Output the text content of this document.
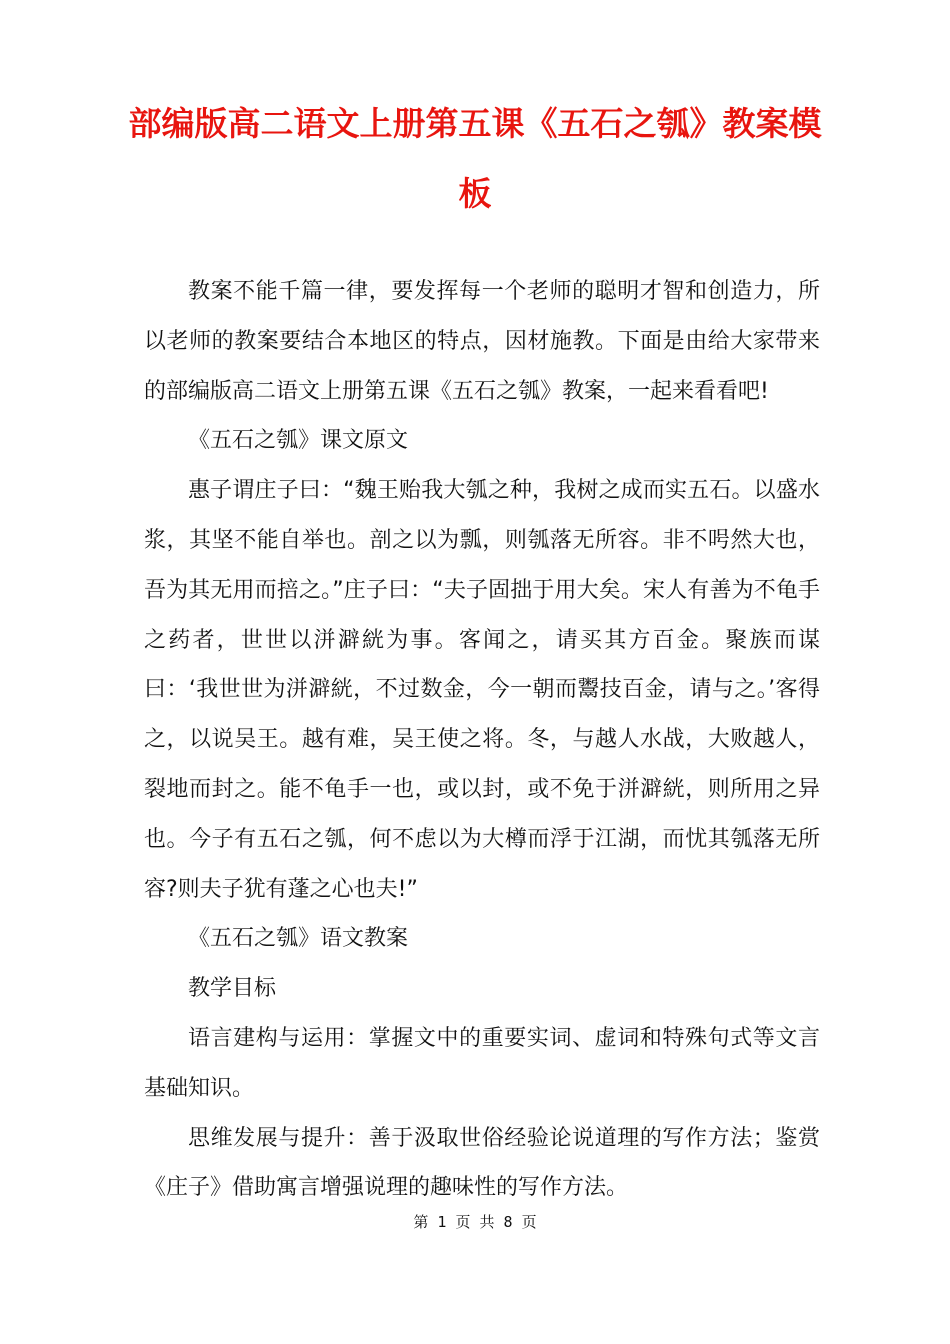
部编版高二语文上册第五课《五石之瓠》教案模
板

教案不能千篇一律，要发挥每一个老师的聪明才智和创造力，所以老师的教案要结合本地区的特点，因材施教。下面是由给大家带来的部编版高二语文上册第五课《五石之瓠》教案，一起来看看吧!

《五石之瓠》课文原文

惠子谓庄子曰：“魏王贻我大瓠之种，我树之成而实五石。以盛水浆，其坚不能自举也。剖之以为瓢，则瓠落无所容。非不呺然大也，吾为其无用而掊之。”庄子曰：“夫子固拙于用大矣。宋人有善为不龟手之药者，世世以洴澼絖为事。客闻之，请买其方百金。聚族而谋曰：‘我世世为洴澼絖，不过数金，今一朝而鬻技百金，请与之。’客得之，以说吴王。越有难，吴王使之将。冬，与越人水战，大败越人，裂地而封之。能不龟手一也，或以封，或不免于洴澼絖，则所用之异也。今子有五石之瓠，何不虑以为大樽而浮于江湖，而忧其瓠落无所容?则夫子犹有蓬之心也夫!”

《五石之瓠》语文教案

教学目标

语言建构与运用：掌握文中的重要实词、虚词和特殊句式等文言基础知识。

思维发展与提升：善于汲取世俗经验论说道理的写作方法；鉴赏《庄子》借助寓言增强说理的趣味性的写作方法。

第 1 页 共 8 页
